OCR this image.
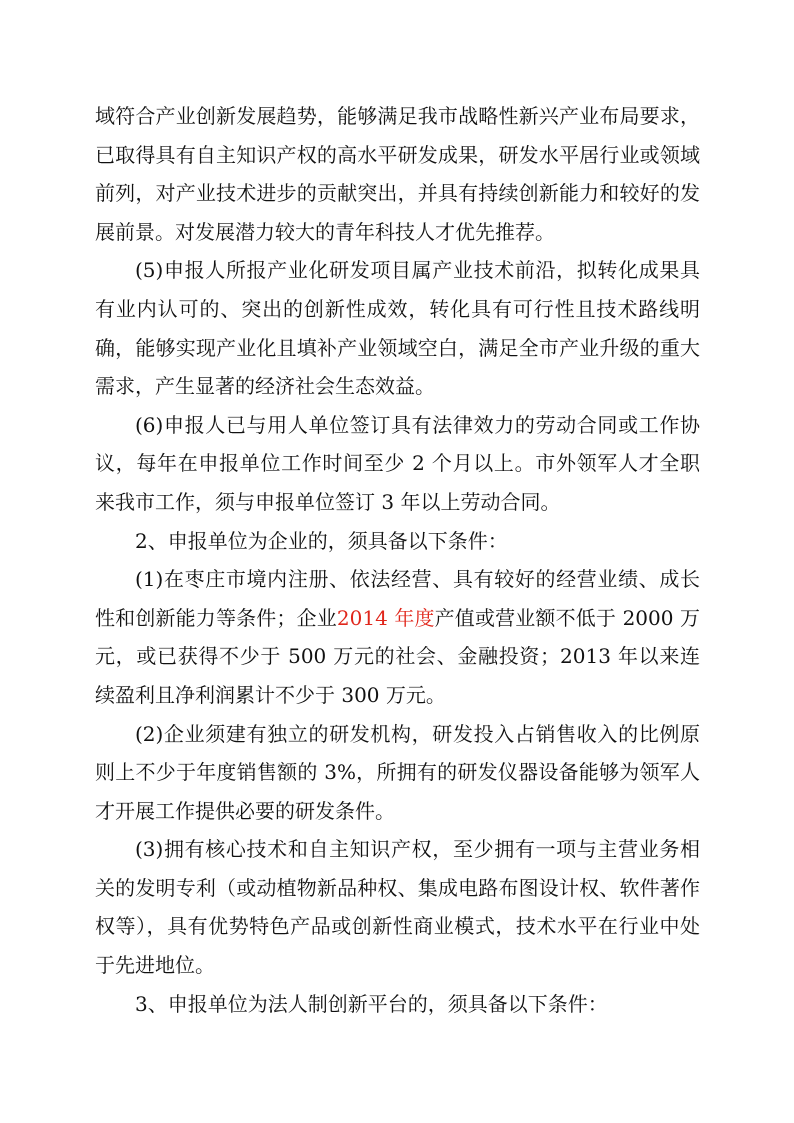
域符合产业创新发展趋势，能够满足我市战略性新兴产业布局要求，已取得具有自主知识产权的高水平研发成果，研发水平居行业或领域前列，对产业技术进步的贡献突出，并具有持续创新能力和较好的发展前景。对发展潜力较大的青年科技人才优先推荐。

(5)申报人所报产业化研发项目属产业技术前沿，拟转化成果具有业内认可的、突出的创新性成效，转化具有可行性且技术路线明确，能够实现产业化且填补产业领域空白，满足全市产业升级的重大需求，产生显著的经济社会生态效益。

(6)申报人已与用人单位签订具有法律效力的劳动合同或工作协议，每年在申报单位工作时间至少 2 个月以上。市外领军人才全职来我市工作，须与申报单位签订 3 年以上劳动合同。

2、申报单位为企业的，须具备以下条件：

(1)在枣庄市境内注册、依法经营、具有较好的经营业绩、成长性和创新能力等条件；企业2014 年度产值或营业额不低于 2000 万元，或已获得不少于 500 万元的社会、金融投资；2013 年以来连续盈利且净利润累计不少于 300 万元。

(2)企业须建有独立的研发机构，研发投入占销售收入的比例原则上不少于年度销售额的 3%，所拥有的研发仪器设备能够为领军人才开展工作提供必要的研发条件。

(3)拥有核心技术和自主知识产权，至少拥有一项与主营业务相关的发明专利（或动植物新品种权、集成电路布图设计权、软件著作权等），具有优势特色产品或创新性商业模式，技术水平在行业中处于先进地位。

3、申报单位为法人制创新平台的，须具备以下条件：
